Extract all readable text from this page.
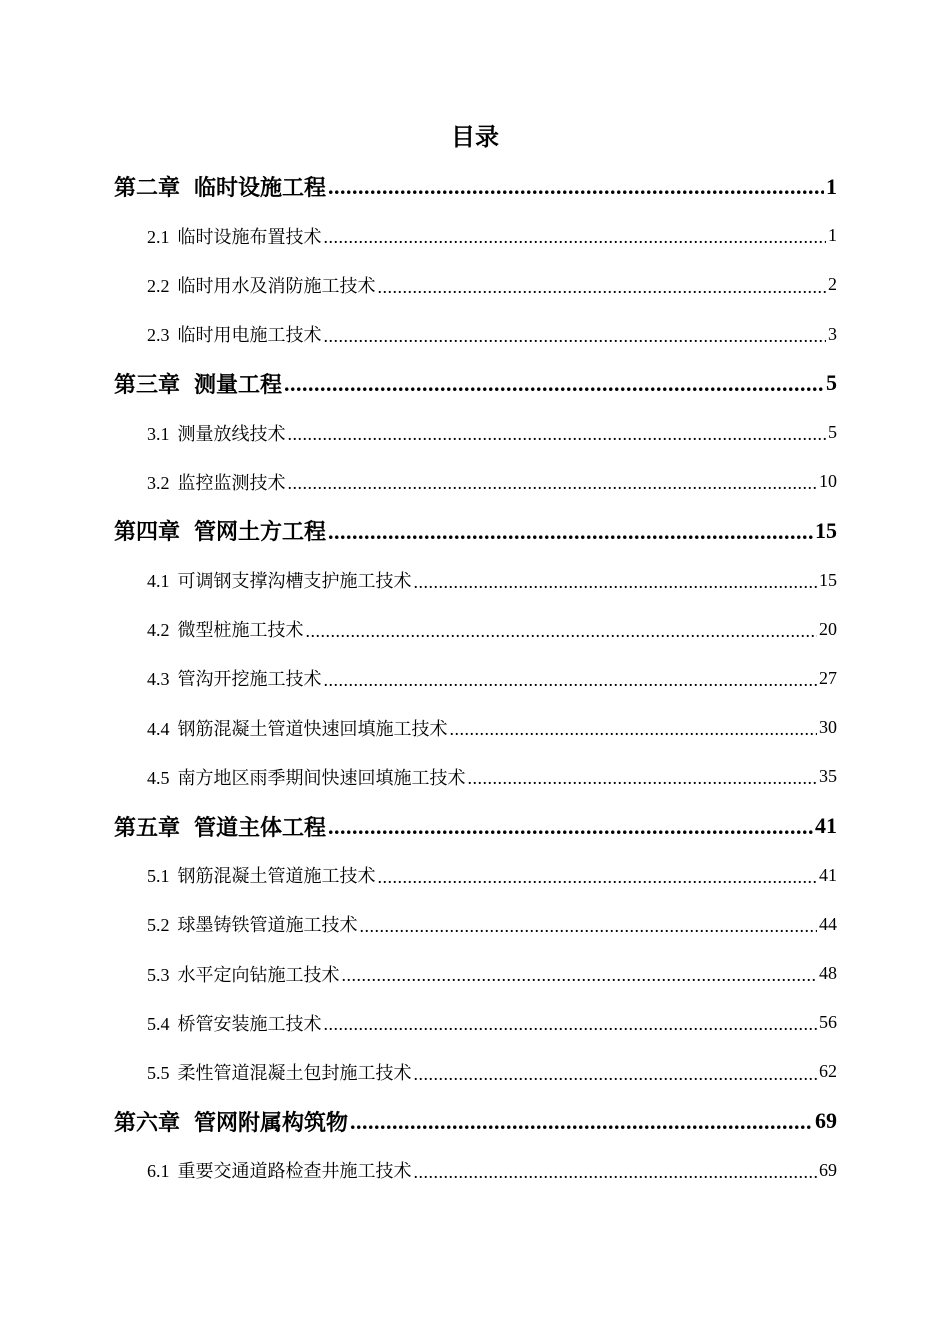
目录
第二章 临时设施工程 .....	1
2.1 临时设施布置技术 .....	1
2.2 临时用水及消防施工技术 .....	2
2.3 临时用电施工技术 .....	3
第三章 测量工程 .....	5
3.1 测量放线技术 .....	5
3.2 监控监测技术 .....	10
第四章 管网土方工程 .....	15
4.1 可调钢支撑沟槽支护施工技术 .....	15
4.2 微型桩施工技术 .....	20
4.3 管沟开挖施工技术 .....	27
4.4 钢筋混凝土管道快速回填施工技术 .....	30
4.5 南方地区雨季期间快速回填施工技术 .....	35
第五章 管道主体工程 .....	41
5.1 钢筋混凝土管道施工技术 .....	41
5.2 球墨铸铁管道施工技术 .....	44
5.3 水平定向钻施工技术 .....	48
5.4 桥管安装施工技术 .....	56
5.5 柔性管道混凝土包封施工技术 .....	62
第六章 管网附属构筑物 .....	69
6.1 重要交通道路检查井施工技术 .....	69
